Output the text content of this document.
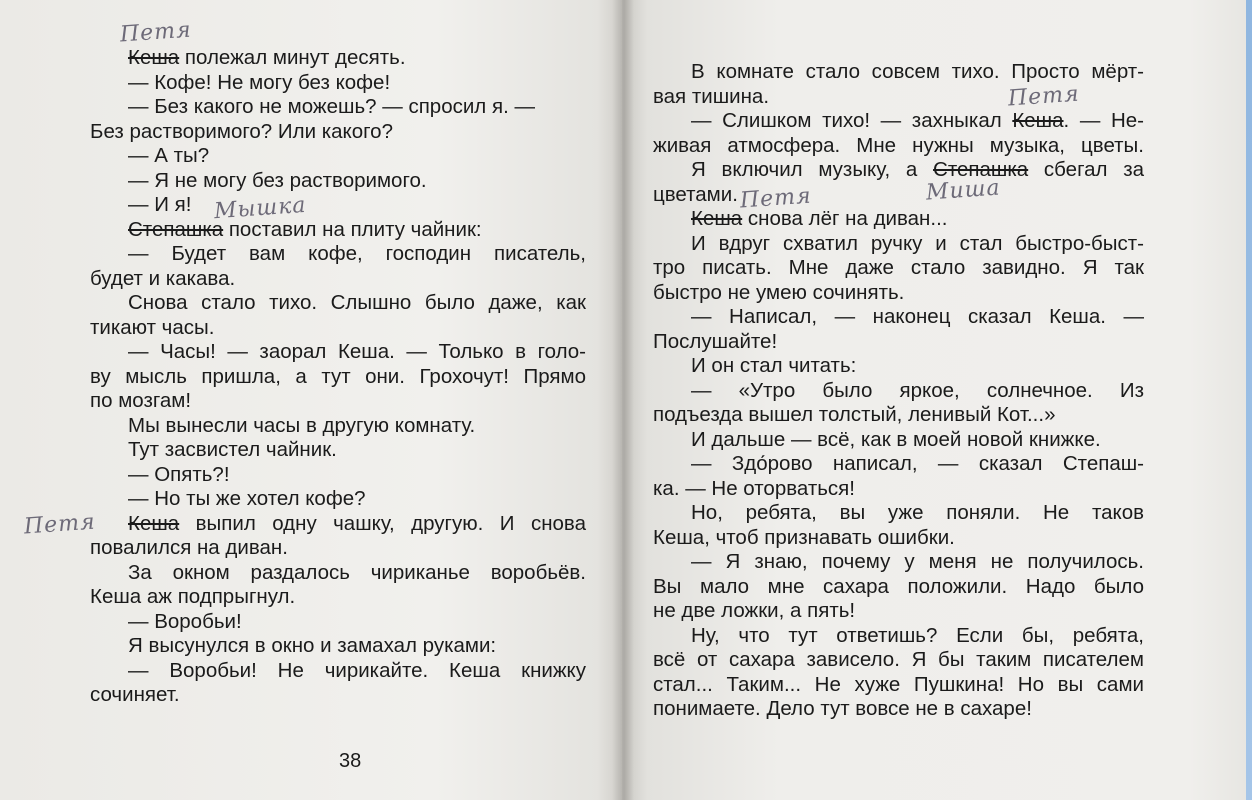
Кеша полежал минут десять.
— Кофе! Не могу без кофе!
— Без какого не можешь? — спросил я. —
Без растворимого? Или какого?
— А ты?
— Я не могу без растворимого.
— И я!
Степашка поставил на плиту чайник:
— Будет вам кофе, господин писатель,
будет и какава.
Снова стало тихо. Слышно было даже, как
тикают часы.
— Часы! — заорал Кеша. — Только в голо-
ву мысль пришла, а тут они. Грохочут! Прямо
по мозгам!
Мы вынесли часы в другую комнату.
Тут засвистел чайник.
— Опять?!
— Но ты же хотел кофе?
Кеша выпил одну чашку, другую. И снова
повалился на диван.
За окном раздалось чириканье воробьёв.
Кеша аж подпрыгнул.
— Воробьи!
Я высунулся в окно и замахал руками:
— Воробьи! Не чирикайте. Кеша книжку
сочиняет.
38
Петя
Мышка
Петя
В комнате стало совсем тихо. Просто мёрт-
вая тишина.
— Слишком тихо! — захныкал Кеша. — Не-
живая атмосфера. Мне нужны музыка, цветы.
Я включил музыку, а Степашка сбегал за
цветами.
Кеша снова лёг на диван...
И вдруг схватил ручку и стал быстро-быст-
тро писать. Мне даже стало завидно. Я так
быстро не умею сочинять.
— Написал, — наконец сказал Кеша. —
Послушайте!
И он стал читать:
— «Утро было яркое, солнечное. Из
подъезда вышел толстый, ленивый Кот...»
И дальше — всё, как в моей новой книжке.
— Здо́рово написал, — сказал Степаш-
ка. — Не оторваться!
Но, ребята, вы уже поняли. Не таков
Кеша, чтоб признавать ошибки.
— Я знаю, почему у меня не получилось.
Вы мало мне сахара положили. Надо было
не две ложки, а пять!
Ну, что тут ответишь? Если бы, ребята,
всё от сахара зависело. Я бы таким писателем
стал... Таким... Не хуже Пушкина! Но вы сами
понимаете. Дело тут вовсе не в сахаре!
Петя
Миша
Петя
